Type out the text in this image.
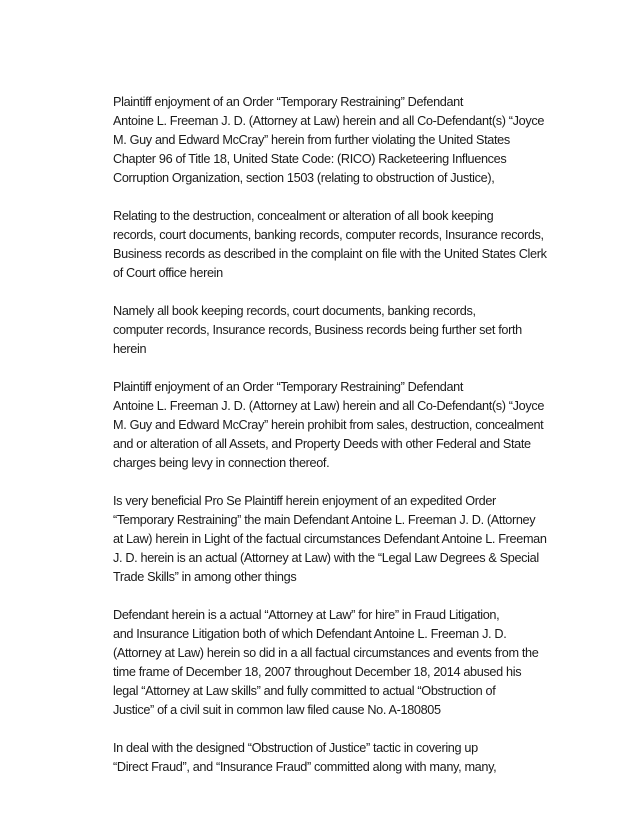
Plaintiff enjoyment of an Order “Temporary Restraining” Defendant
Antoine L. Freeman J. D. (Attorney at Law) herein and all Co-Defendant(s) “Joyce
M. Guy and Edward McCray” herein from further violating the United States
Chapter 96 of Title 18, United State Code: (RICO) Racketeering Influences
Corruption Organization, section 1503 (relating to obstruction of Justice),

Relating to the destruction, concealment or alteration of all book keeping
records, court documents, banking records, computer records, Insurance records,
Business records as described in the complaint on file with the United States Clerk
of Court office herein

Namely all book keeping records, court documents, banking records,
computer records, Insurance records, Business records being further set forth
herein

Plaintiff enjoyment of an Order “Temporary Restraining” Defendant
Antoine L. Freeman J. D. (Attorney at Law) herein and all Co-Defendant(s) “Joyce
M. Guy and Edward McCray” herein prohibit from sales, destruction, concealment
and or alteration of all Assets, and Property Deeds with other Federal and State
charges being levy in connection thereof.

Is very beneficial Pro Se Plaintiff herein enjoyment of an expedited Order
“Temporary Restraining” the main Defendant Antoine L. Freeman J. D. (Attorney
at Law) herein in Light of the factual circumstances Defendant Antoine L. Freeman
J. D. herein is an actual (Attorney at Law) with the “Legal Law Degrees & Special
Trade Skills” in among other things

Defendant herein is a actual “Attorney at Law” for hire” in Fraud Litigation,
and Insurance Litigation both of which Defendant Antoine L. Freeman J. D.
(Attorney at Law) herein so did in a all factual circumstances and events from the
time frame of December 18, 2007 throughout December 18, 2014 abused his
legal “Attorney at Law skills” and fully committed to actual “Obstruction of
Justice” of a civil suit in common law filed cause No. A-180805

In deal with the designed “Obstruction of Justice” tactic in covering up
“Direct Fraud”, and “Insurance Fraud” committed along with many, many,
